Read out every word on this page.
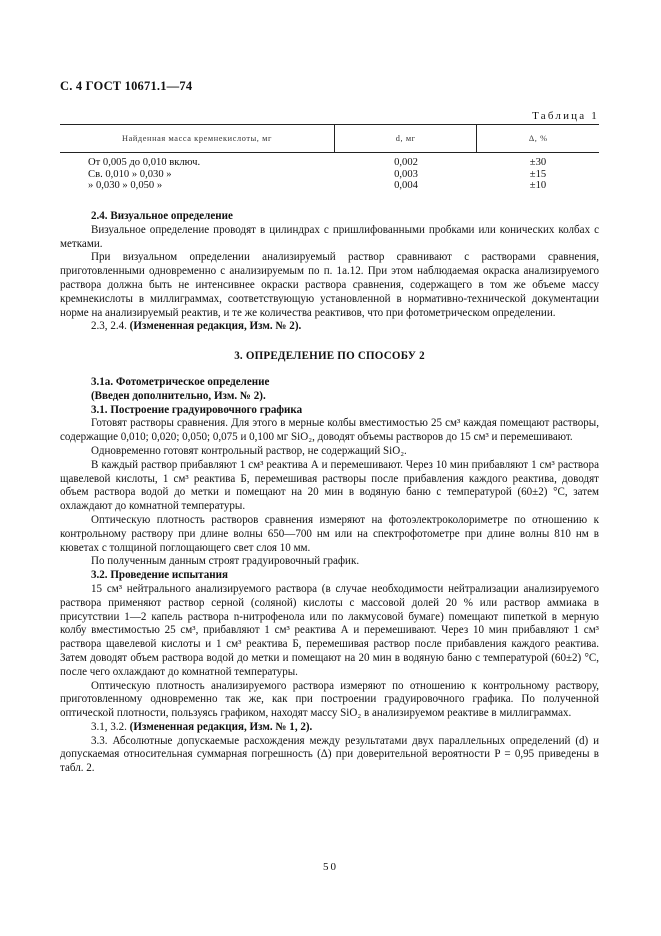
С. 4 ГОСТ 10671.1—74
Таблица 1
Найденная масса кремнекислоты, мг	d, мг	Δ, %
От 0,005 до 0,010 включ.	0,002	±30
Св. 0,010 » 0,030 »	0,003	±15
» 0,030 » 0,050 »	0,004	±10

2.4. Визуальное определение

Визуальное определение проводят в цилиндрах с пришлифованными пробками или конических колбах с метками.

При визуальном определении анализируемый раствор сравнивают с растворами сравнения, приготовленными одновременно с анализируемым по п. 1а.12. При этом наблюдаемая окраска анализируемого раствора должна быть не интенсивнее окраски раствора сравнения, содержащего в том же объеме массу кремнекислоты в миллиграммах, соответствующую установленной в нормативно-технической документации норме на анализируемый реактив, и те же количества реактивов, что при фотометрическом определении.

2.3, 2.4. (Измененная редакция, Изм. № 2).

3. ОПРЕДЕЛЕНИЕ ПО СПОСОБУ 2

3.1а. Фотометрическое определение

(Введен дополнительно, Изм. № 2).

3.1. Построение градуировочного графика

Готовят растворы сравнения. Для этого в мерные колбы вместимостью 25 см³ каждая помещают растворы, содержащие 0,010; 0,020; 0,050; 0,075 и 0,100 мг SiO₂, доводят объемы растворов до 15 см³ и перемешивают.

Одновременно готовят контрольный раствор, не содержащий SiO₂.

В каждый раствор прибавляют 1 см³ реактива А и перемешивают. Через 10 мин прибавляют 1 см³ раствора щавелевой кислоты, 1 см³ реактива Б, перемешивая растворы после прибавления каждого реактива, доводят объем раствора водой до метки и помещают на 20 мин в водяную баню с температурой (60±2) °С, затем охлаждают до комнатной температуры.

Оптическую плотность растворов сравнения измеряют на фотоэлектроколориметре по отношению к контрольному раствору при длине волны 650—700 нм или на спектрофотометре при длине волны 810 нм в кюветах с толщиной поглощающего свет слоя 10 мм.

По полученным данным строят градуировочный график.

3.2. Проведение испытания

15 см³ нейтрального анализируемого раствора (в случае необходимости нейтрализации анализируемого раствора применяют раствор серной (соляной) кислоты с массовой долей 20 % или раствор аммиака в присутствии 1—2 капель раствора n-нитрофенола или по лакмусовой бумаге) помещают пипеткой в мерную колбу вместимостью 25 см³, прибавляют 1 см³ реактива А и перемешивают. Через 10 мин прибавляют 1 см³ раствора щавелевой кислоты и 1 см³ реактива Б, перемешивая раствор после прибавления каждого реактива. Затем доводят объем раствора водой до метки и помещают на 20 мин в водяную баню с температурой (60±2) °С, после чего охлаждают до комнатной температуры.

Оптическую плотность анализируемого раствора измеряют по отношению к контрольному раствору, приготовленному одновременно так же, как при построении градуировочного графика. По полученной оптической плотности, пользуясь графиком, находят массу SiO₂ в анализируемом реактиве в миллиграммах.

3.1, 3.2. (Измененная редакция, Изм. № 1, 2).

3.3. Абсолютные допускаемые расхождения между результатами двух параллельных определений (d) и допускаемая относительная суммарная погрешность (Δ) при доверительной вероятности P = 0,95 приведены в табл. 2.

50
